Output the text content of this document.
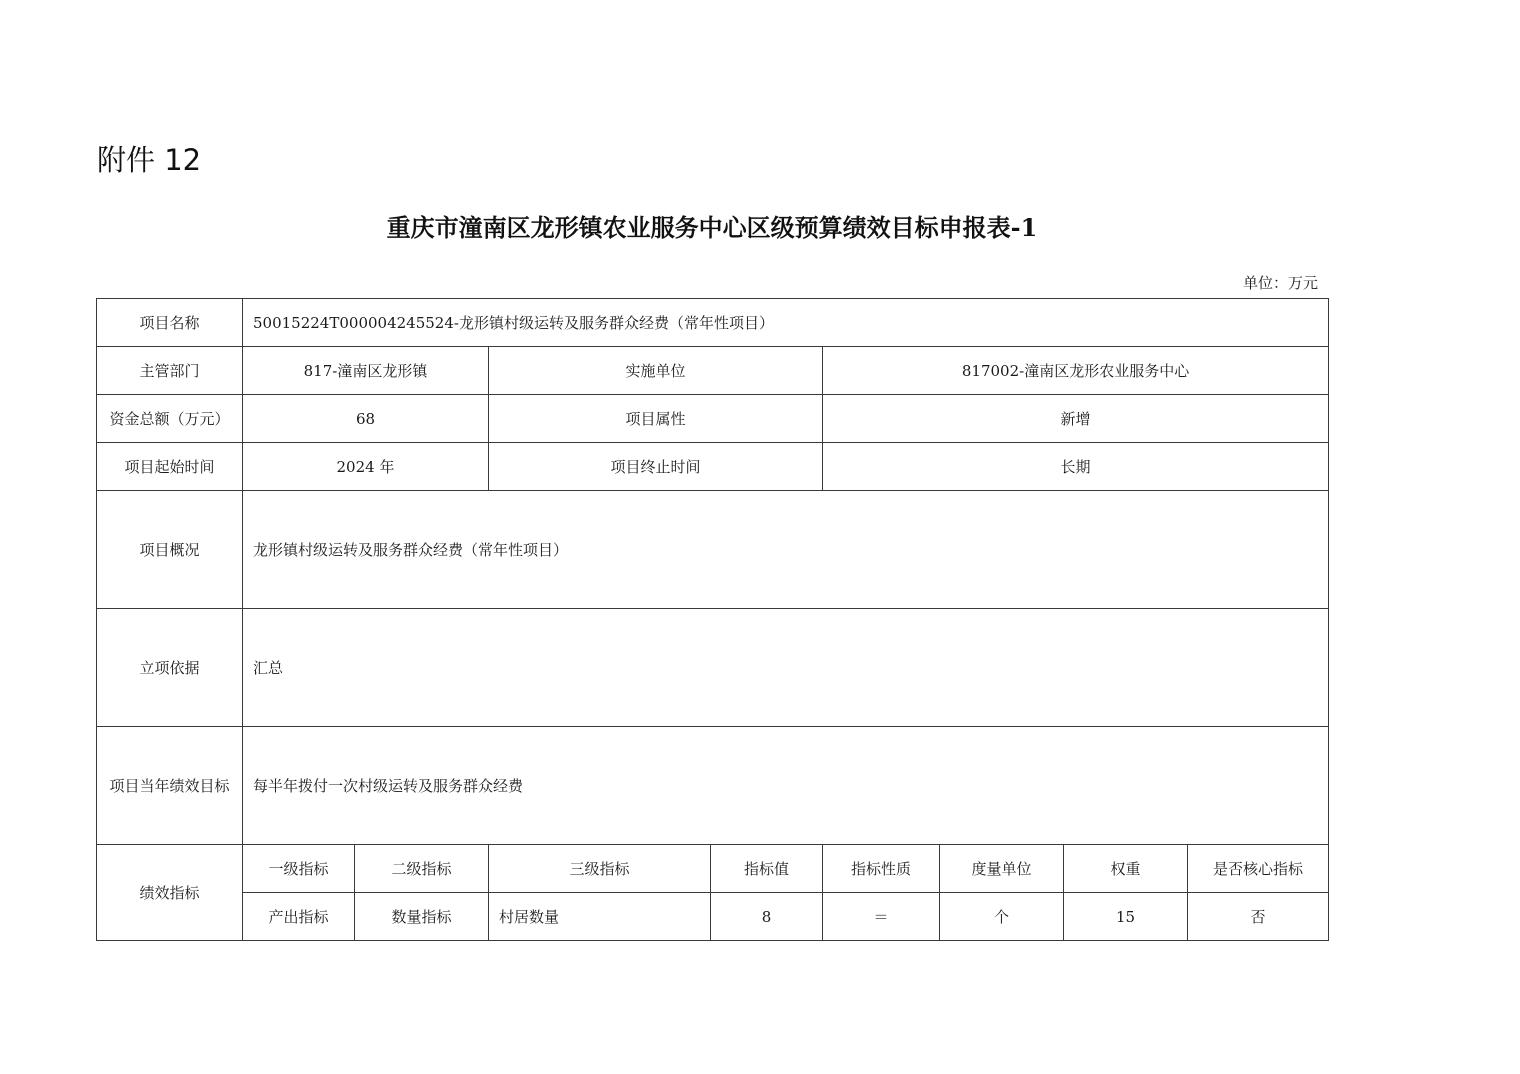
附件 12
重庆市潼南区龙形镇农业服务中心区级预算绩效目标申报表-1
单位：万元
项目名称	50015224T000004245524-龙形镇村级运转及服务群众经费（常年性项目）							
主管部门	817-潼南区龙形镇		实施单位		817002-潼南区龙形农业服务中心			
资金总额（万元）	68		项目属性		新增			
项目起始时间	2024 年		项目终止时间		长期			
项目概况	龙形镇村级运转及服务群众经费（常年性项目）							
立项依据	汇总							
项目当年绩效目标	每半年拨付一次村级运转及服务群众经费							
绩效指标	一级指标	二级指标	三级指标	指标值	指标性质	度量单位	权重	是否核心指标
	产出指标	数量指标	村居数量	8	＝	个	15	否
